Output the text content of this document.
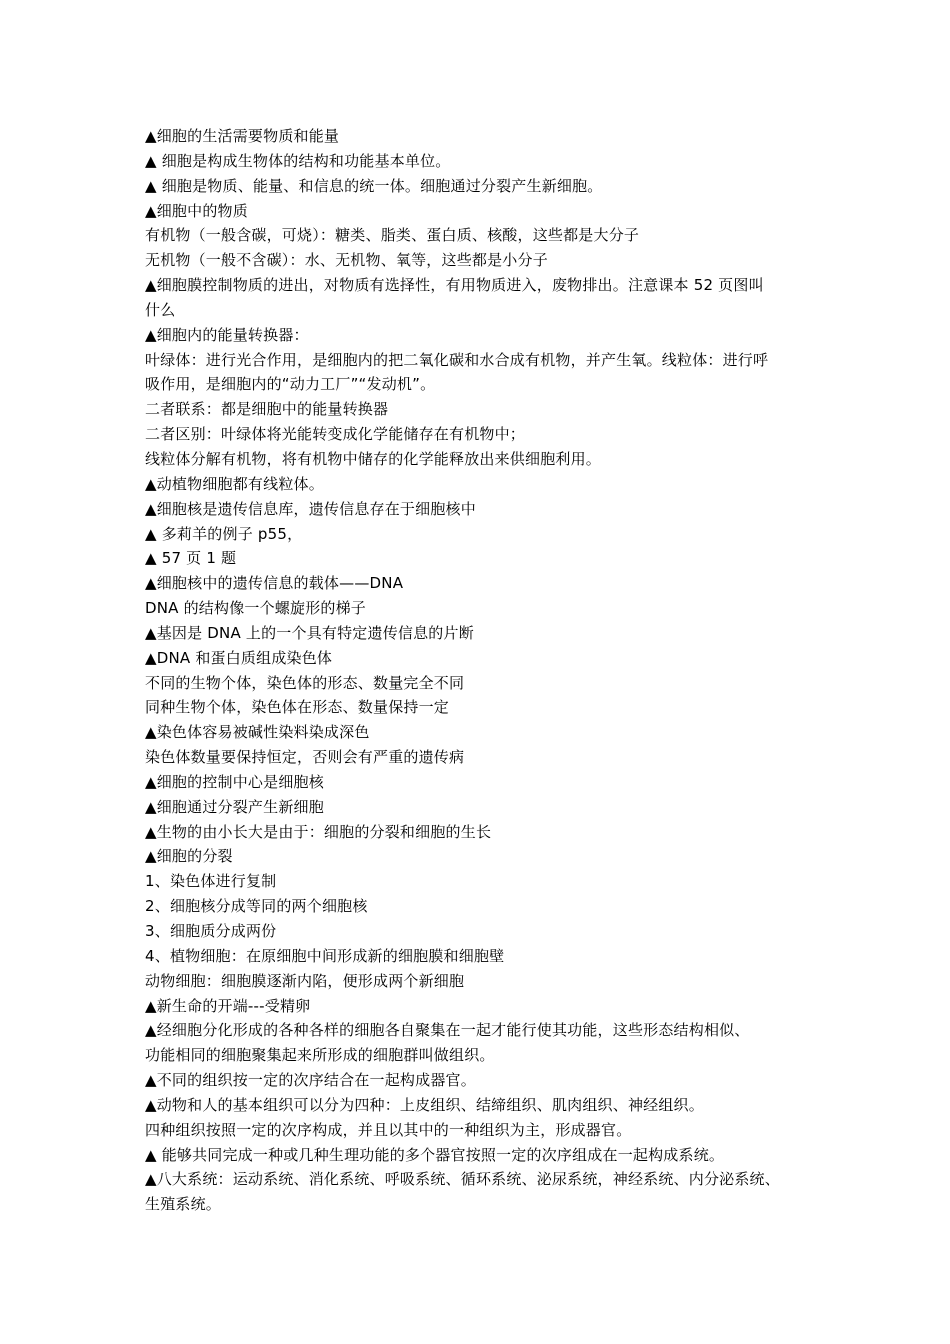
▲细胞的生活需要物质和能量
▲ 细胞是构成生物体的结构和功能基本单位。
▲ 细胞是物质、能量、和信息的统一体。细胞通过分裂产生新细胞。
▲细胞中的物质
有机物（一般含碳，可烧）：糖类、脂类、蛋白质、核酸，这些都是大分子
无机物（一般不含碳）：水、无机物、氧等，这些都是小分子
▲细胞膜控制物质的进出，对物质有选择性，有用物质进入，废物排出。注意课本 52 页图叫
什么
▲细胞内的能量转换器：
叶绿体：进行光合作用，是细胞内的把二氧化碳和水合成有机物，并产生氧。线粒体：进行呼
吸作用，是细胞内的“动力工厂”“发动机”。
二者联系：都是细胞中的能量转换器
二者区别：叶绿体将光能转变成化学能储存在有机物中；
线粒体分解有机物，将有机物中储存的化学能释放出来供细胞利用。
▲动植物细胞都有线粒体。
▲细胞核是遗传信息库，遗传信息存在于细胞核中
▲ 多莉羊的例子 p55，
▲ 57 页 1 题
▲细胞核中的遗传信息的载体——DNA
DNA 的结构像一个螺旋形的梯子
▲基因是 DNA 上的一个具有特定遗传信息的片断
▲DNA 和蛋白质组成染色体
不同的生物个体，染色体的形态、数量完全不同
同种生物个体，染色体在形态、数量保持一定
▲染色体容易被碱性染料染成深色
染色体数量要保持恒定，否则会有严重的遗传病
▲细胞的控制中心是细胞核
▲细胞通过分裂产生新细胞
▲生物的由小长大是由于：细胞的分裂和细胞的生长
▲细胞的分裂
1、染色体进行复制
2、细胞核分成等同的两个细胞核
3、细胞质分成两份
4、植物细胞：在原细胞中间形成新的细胞膜和细胞壁
动物细胞：细胞膜逐渐内陷，便形成两个新细胞
▲新生命的开端---受精卵
▲经细胞分化形成的各种各样的细胞各自聚集在一起才能行使其功能，这些形态结构相似、
功能相同的细胞聚集起来所形成的细胞群叫做组织。
▲不同的组织按一定的次序结合在一起构成器官。
▲动物和人的基本组织可以分为四种：上皮组织、结缔组织、肌肉组织、神经组织。
四种组织按照一定的次序构成，并且以其中的一种组织为主，形成器官。
▲ 能够共同完成一种或几种生理功能的多个器官按照一定的次序组成在一起构成系统。
▲八大系统：运动系统、消化系统、呼吸系统、循环系统、泌尿系统，神经系统、内分泌系统、
生殖系统。
